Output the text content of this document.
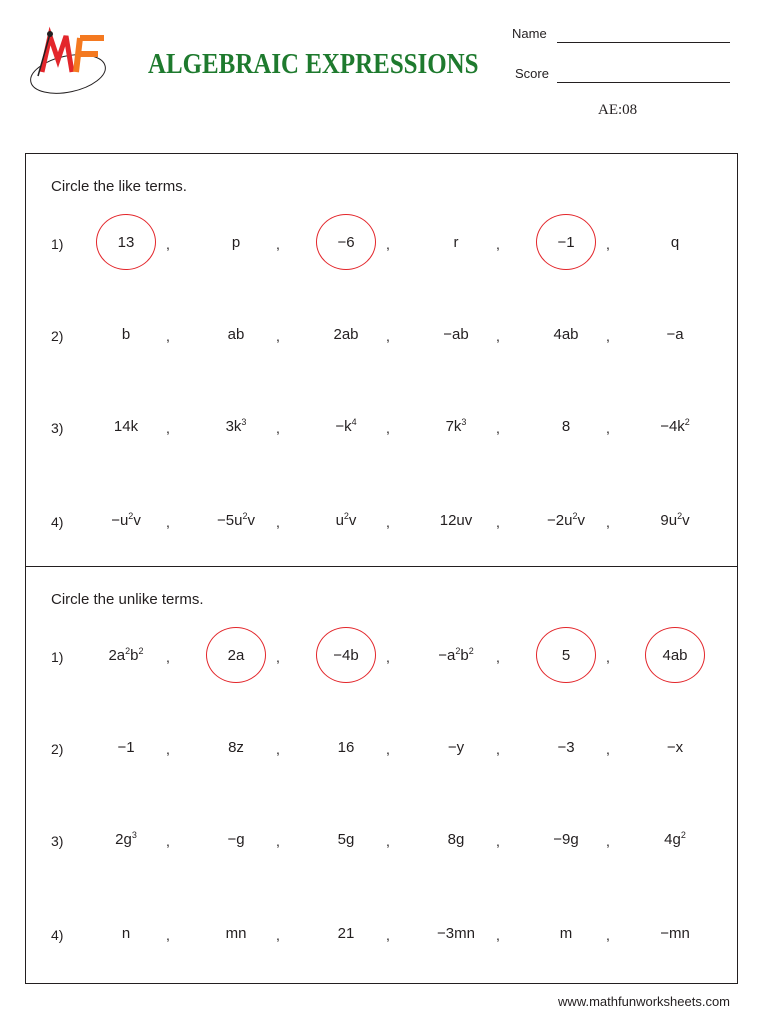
ALGEBRAIC EXPRESSIONS
Name
Score
AE:08
Circle the like terms.
1)	13	,	p	,	−6	,	r	,	−1	,	q
2)	b	,	ab	,	2ab	,	−ab	,	4ab	,	−a
3)	14k	,	$3k^3$	,	$-k^4$	,	$7k^3$	,	8	,	$-4k^2$
4)	$-u^2v$	,	$-5u^2v$	,	$u^2v$	,	12uv	,	$-2u^2v$	,	$9u^2v$
Circle the unlike terms.
1)	$2a^2b^2$	,	2a	,	−4b	,	$-a^2b^2$	,	5	,	4ab
2)	−1	,	8z	,	16	,	−y	,	−3	,	−x
3)	$2g^3$	,	−g	,	5g	,	8g	,	−9g	,	$4g^2$
4)	n	,	mn	,	21	,	−3mn	,	m	,	−mn
www.mathfunworksheets.com
